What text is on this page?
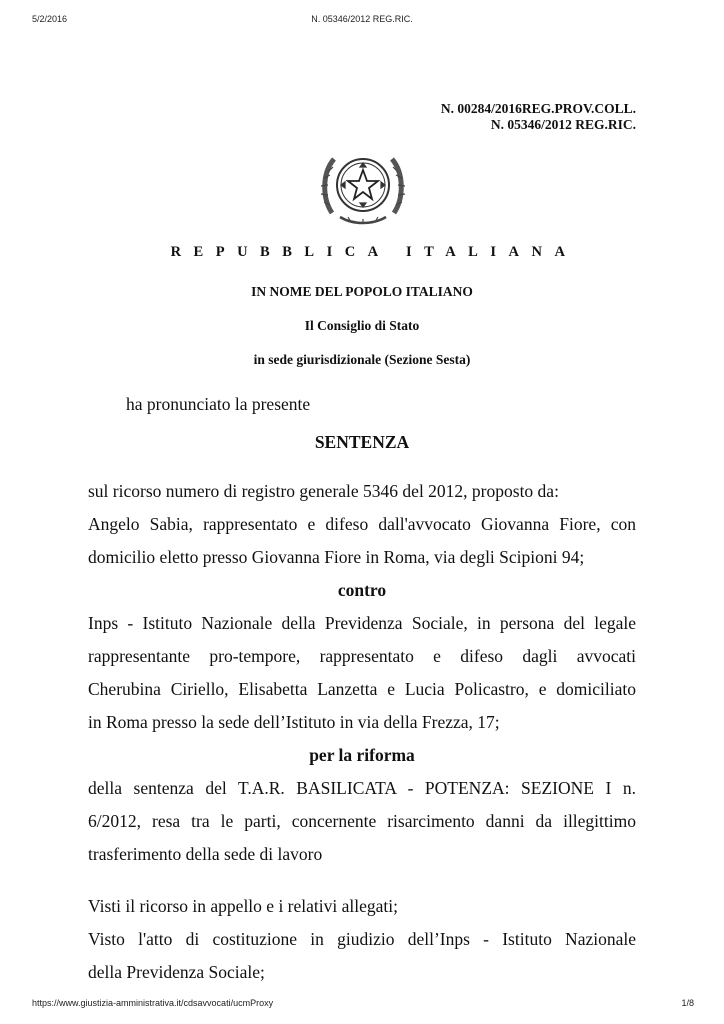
5/2/2016	N. 05346/2012 REG.RIC.
N. 00284/2016REG.PROV.COLL.
N. 05346/2012 REG.RIC.
REPUBBLICA ITALIANA
IN NOME DEL POPOLO ITALIANO
Il Consiglio di Stato
in sede giurisdizionale (Sezione Sesta)
ha pronunciato la presente
SENTENZA
sul ricorso numero di registro generale 5346 del 2012, proposto da:
Angelo Sabia, rappresentato e difeso dall'avvocato Giovanna Fiore, con
domicilio eletto presso Giovanna Fiore in Roma, via degli Scipioni 94;
contro
Inps - Istituto Nazionale della Previdenza Sociale, in persona del legale
rappresentante pro-tempore, rappresentato e difeso dagli avvocati
Cherubina Ciriello, Elisabetta Lanzetta e Lucia Policastro, e domiciliato
in Roma presso la sede dell’Istituto in via della Frezza, 17;
per la riforma
della sentenza del T.A.R. BASILICATA - POTENZA: SEZIONE I n.
6/2012, resa tra le parti, concernente risarcimento danni da illegittimo
trasferimento della sede di lavoro
Visti il ricorso in appello e i relativi allegati;
Visto l'atto di costituzione in giudizio dell’Inps - Istituto Nazionale
della Previdenza Sociale;
https://www.giustizia-amministrativa.it/cdsavvocati/ucmProxy	1/8
